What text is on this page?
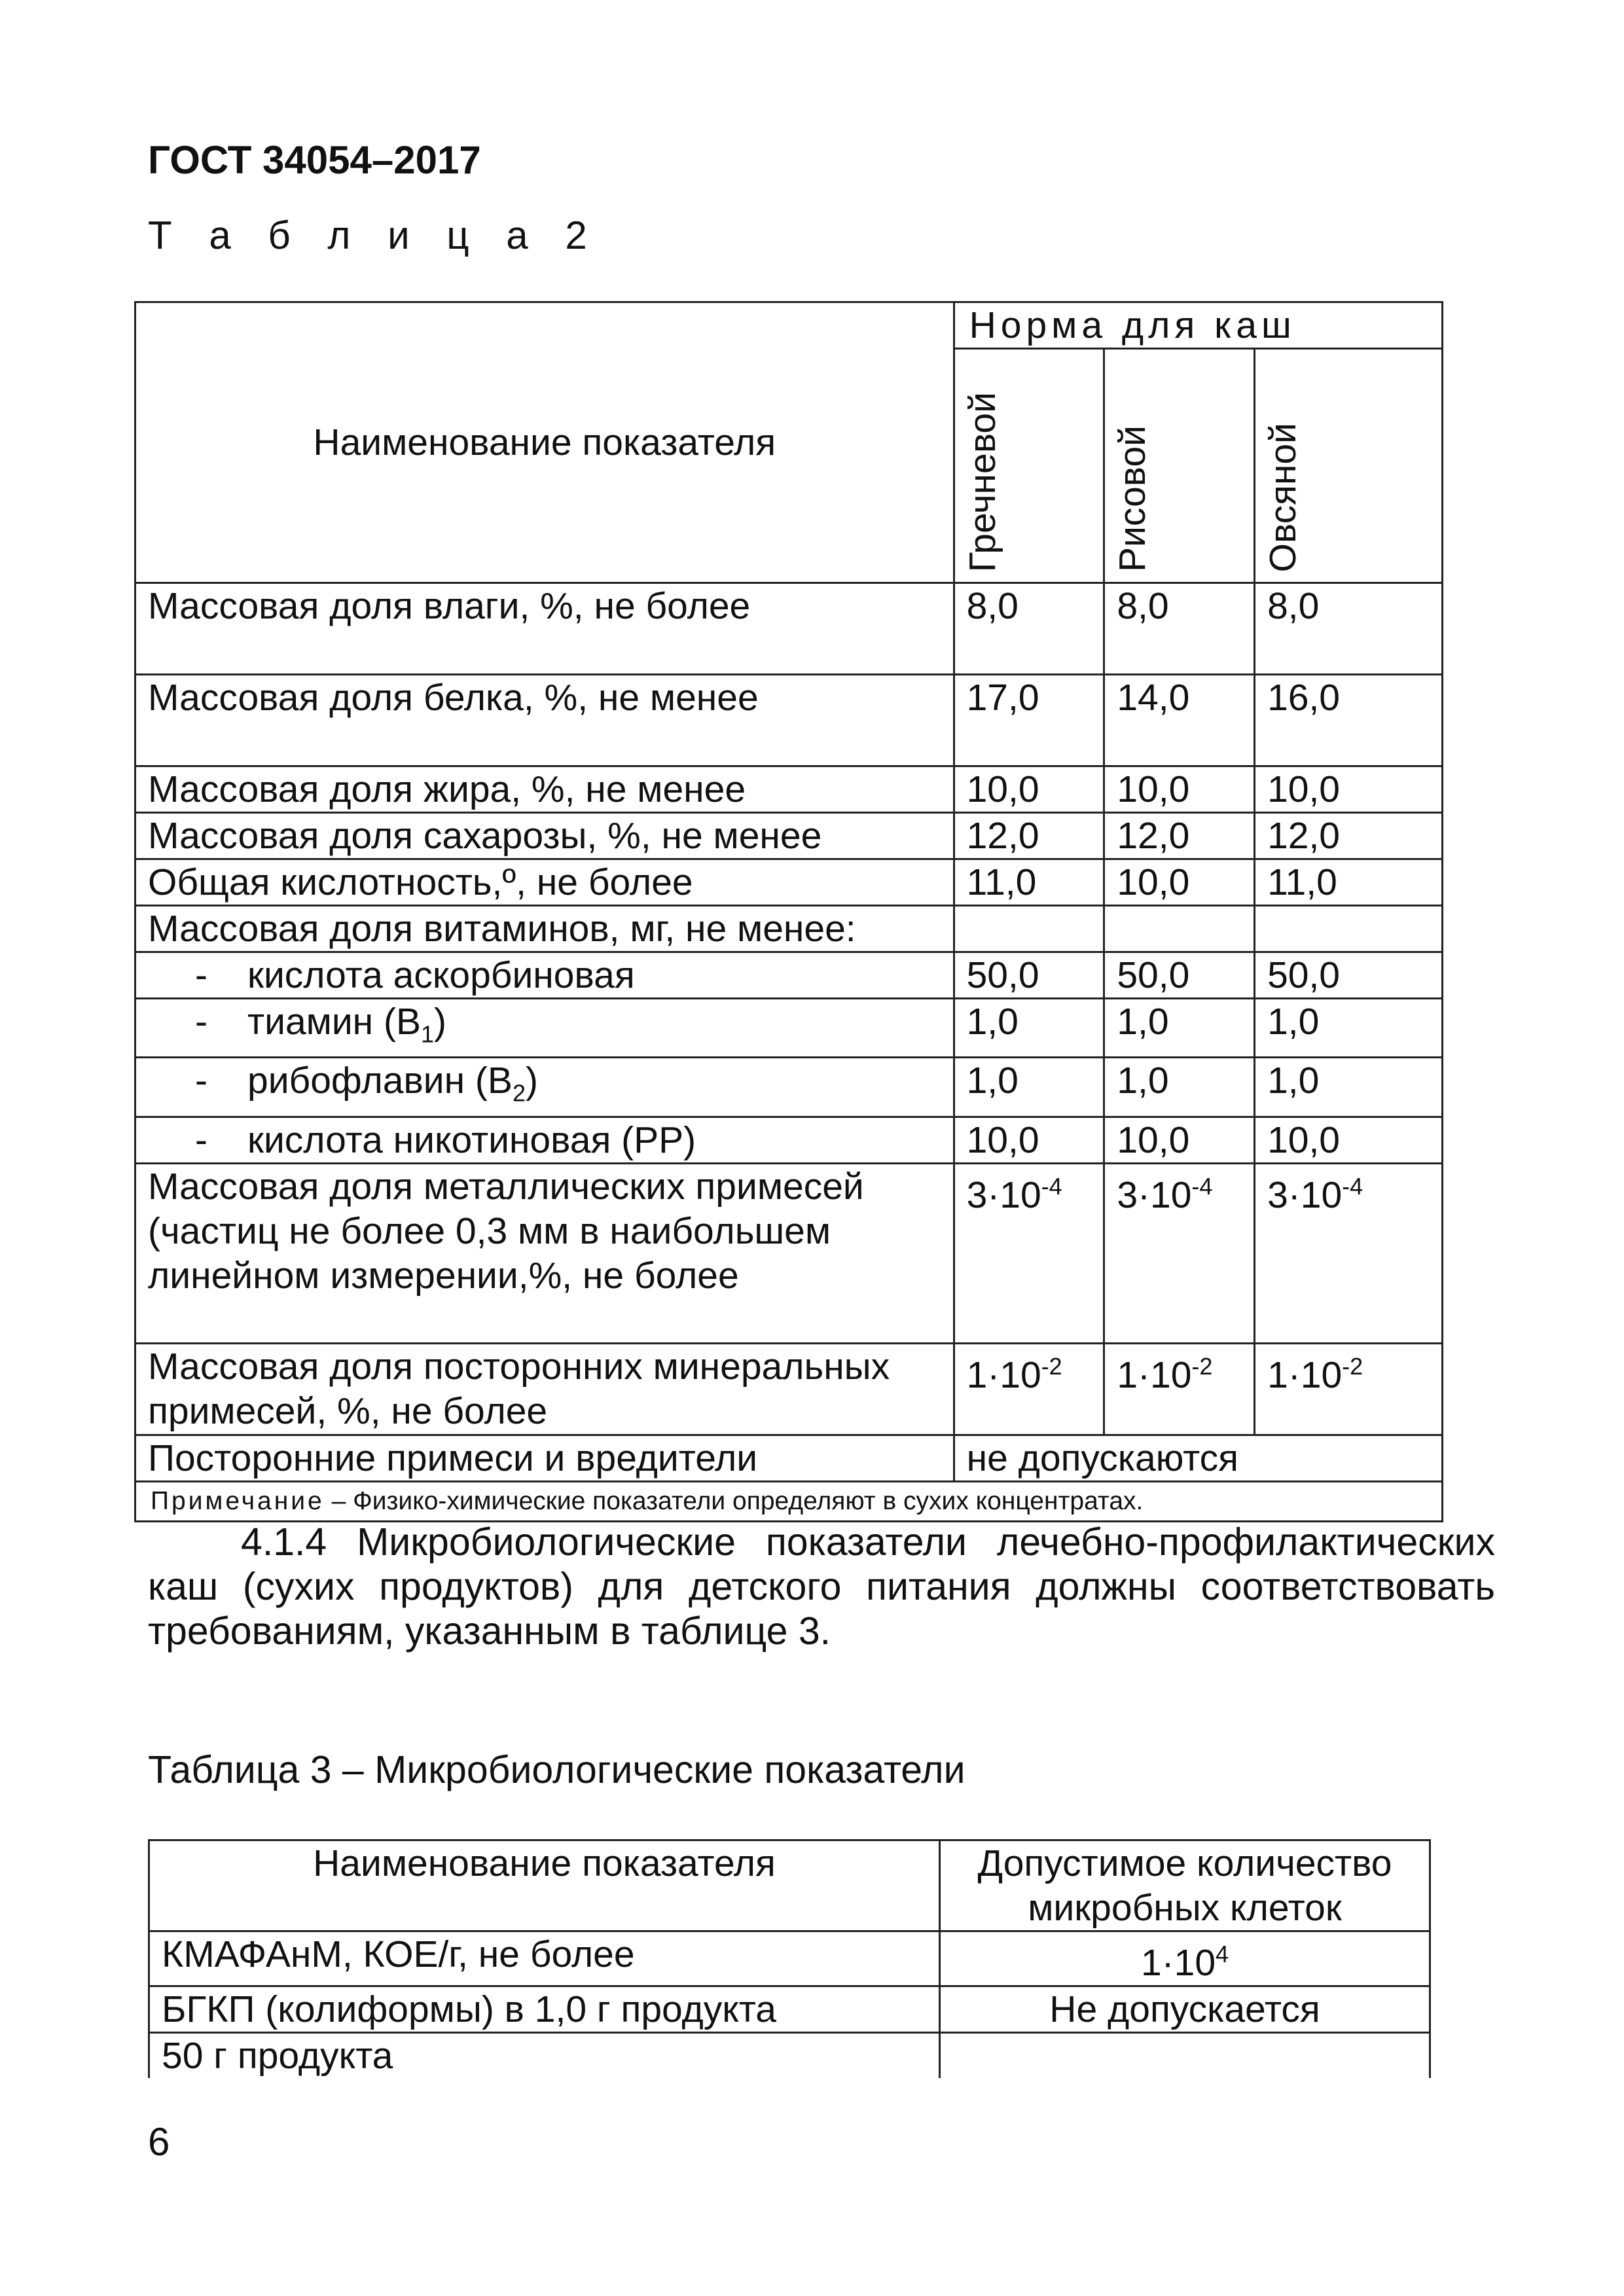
ГОСТ 34054–2017
Т а б л и ц а 2
Наименование показателя	Норма для каш		
	Гречневой	Рисовой	Овсяной
Массовая доля влаги, %, не более	8,0	8,0	8,0
Массовая доля белка, %, не менее	17,0	14,0	16,0
Массовая доля жира, %, не менее	10,0	10,0	10,0
Массовая доля сахарозы, %, не менее	12,0	12,0	12,0
Общая кислотность,º, не более	11,0	10,0	11,0
Массовая доля витаминов, мг, не менее:			
- кислота аскорбиновая	50,0	50,0	50,0
- тиамин $(B_1)$	1,0	1,0	1,0
- рибофлавин $(B_2)$	1,0	1,0	1,0
- кислота никотиновая (РР)	10,0	10,0	10,0
Массовая доля металлических примесей (частиц не более 0,3 мм в наибольшем линейном измерении,%, не более	$3\cdot 10^{-4}$	$3\cdot 10^{-4}$	$3\cdot 10^{-4}$
Массовая доля посторонних минеральных примесей, %, не более	$1\cdot 10^{-2}$	$1\cdot 10^{-2}$	$1\cdot 10^{-2}$
Посторонние примеси и вредители	не допускаются		
Примечание – Физико-химические показатели определяют в сухих концентратах.			
4.1.4 Микробиологические показатели лечебно-профилактических каш (сухих продуктов) для детского питания должны соответствовать требованиям, указанным в таблице 3.
Таблица 3 – Микробиологические показатели
Наименование показателя	Допустимое количество микробных клеток
КМАФАнМ, КОЕ/г, не более	$1\cdot 10^4$
БГКП (колиформы) в 1,0 г продукта	Не допускается
50 г продукта	
6
